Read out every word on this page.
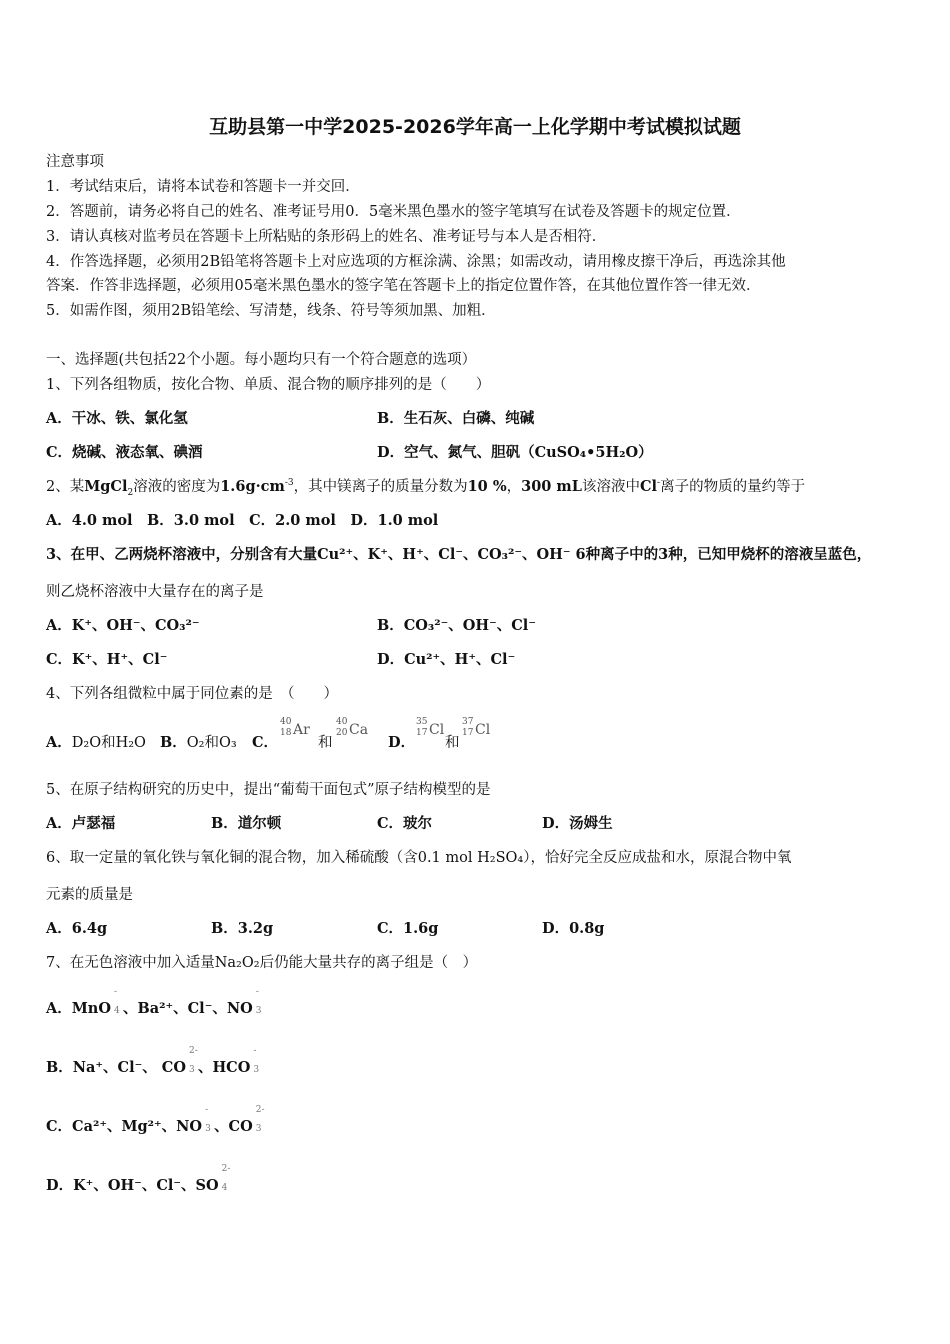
互助县第一中学2025-2026学年高一上化学期中考试模拟试题
注意事项
1．考试结束后，请将本试卷和答题卡一并交回．
2．答题前，请务必将自己的姓名、准考证号用0．5毫米黑色墨水的签字笔填写在试卷及答题卡的规定位置．
3．请认真核对监考员在答题卡上所粘贴的条形码上的姓名、准考证号与本人是否相符．
4．作答选择题，必须用2B铅笔将答题卡上对应选项的方框涂满、涂黑；如需改动，请用橡皮擦干净后，再选涂其他
答案．作答非选择题，必须用05毫米黑色墨水的签字笔在答题卡上的指定位置作答，在其他位置作答一律无效．
5．如需作图，须用2B铅笔绘、写清楚，线条、符号等须加黑、加粗．
一、选择题(共包括22个小题。每小题均只有一个符合题意的选项）
1、下列各组物质，按化合物、单质、混合物的顺序排列的是（　　）
A．干冰、铁、氯化氢	B．生石灰、白磷、纯碱
C．烧碱、液态氧、碘酒	D．空气、氮气、胆矾（CuSO₄•5H₂O）
2、某MgCl$_2$溶液的密度为$1.6g\cdot cm^{-3}$，其中镁离子的质量分数为10 %，300 mL该溶液中Cl-离子的物质的量约等于
A．4.0 mol　B．3.0 mol　C．2.0 mol　D．1.0 mol
3、在甲、乙两烧杯溶液中，分别含有大量Cu²⁺、K⁺、H⁺、Cl⁻、CO₃²⁻、OH⁻ 6种离子中的3种，已知甲烧杯的溶液呈蓝色，
则乙烧杯溶液中大量存在的离子是
A．K⁺、OH⁻、CO₃²⁻	B．CO₃²⁻、OH⁻、Cl⁻
C．K⁺、H⁺、Cl⁻	D．Cu²⁺、H⁺、Cl⁻
4、下列各组微粒中属于同位素的是　（　　）
A．D₂O和H₂O B．O₂和O₃ C．
40
18 Ar
和
40
20 Ca
D．
35
17 Cl
和
37
17 Cl
5、在原子结构研究的历史中，提出“葡萄干面包式”原子结构模型的是
A．卢瑟福	B．道尔顿	C．玻尔	D．汤姆生
6、取一定量的氧化铁与氧化铜的混合物，加入稀硫酸（含0.1 mol H₂SO₄），恰好完全反应成盐和水，原混合物中氧
元素的质量是
A．6.4g	B．3.2g	C．1.6g	D．0.8g
7、在无色溶液中加入适量Na₂O₂后仍能大量共存的离子组是（　）
A．MnO
-
4 、Ba²⁺、Cl⁻、NO
-
3
B．Na⁺、Cl⁻、 CO
2-
3 、HCO
-
3
C．Ca²⁺、Mg²⁺、NO
-
3 、CO
2-
3
D．K⁺、OH⁻、Cl⁻、SO
2-
4
